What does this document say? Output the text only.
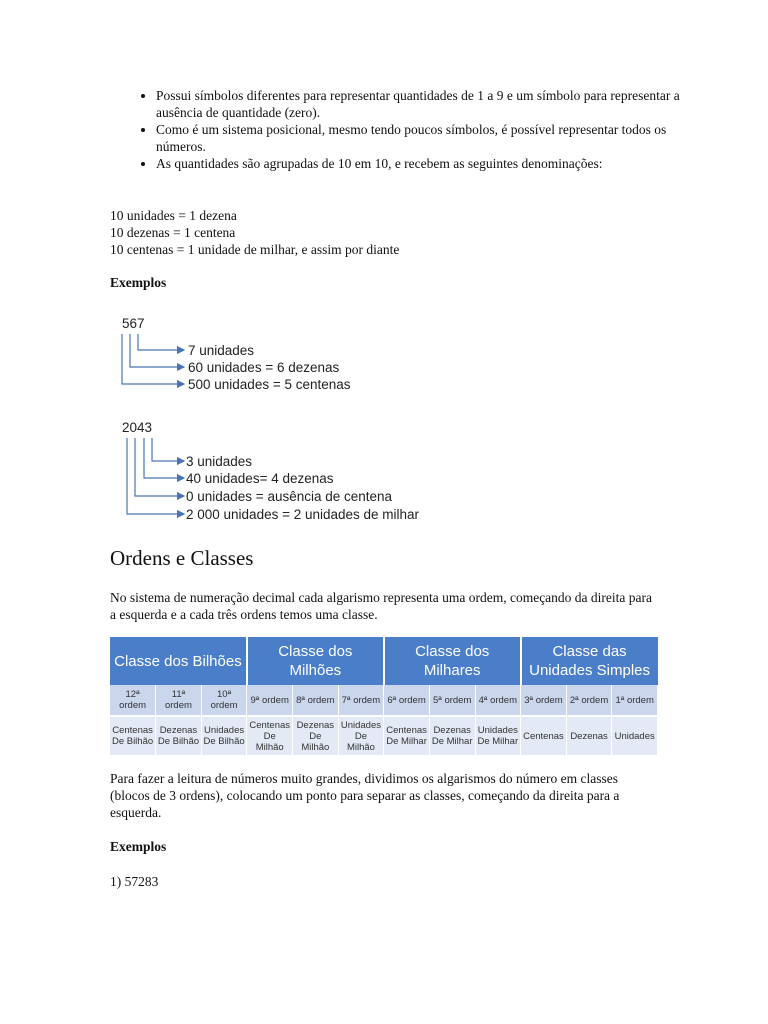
• Possui símbolos diferentes para representar quantidades de 1 a 9 e um símbolo para representar a ausência de quantidade (zero).
• Como é um sistema posicional, mesmo tendo poucos símbolos, é possível representar todos os números.
• As quantidades são agrupadas de 10 em 10, e recebem as seguintes denominações:
10 unidades = 1 dezena
10 dezenas = 1 centena
10 centenas = 1 unidade de milhar, e assim por diante
Exemplos
567
7 unidades
60 unidades = 6 dezenas
500 unidades = 5 centenas
2043
3 unidades
40 unidades= 4 dezenas
0 unidades = ausência de centena
2 000 unidades = 2 unidades de milhar
Ordens e Classes
No sistema de numeração decimal cada algarismo representa uma ordem, começando da direita para a esquerda e a cada três ordens temos uma classe.
Classe dos Bilhões			Classe dos Milhões			Classe dos Milhares			Classe das Unidades Simples		
12ª ordem	11ª ordem	10ª ordem	9ª ordem	8ª ordem	7ª ordem	6ª ordem	5ª ordem	4ª ordem	3ª ordem	2ª ordem	1ª ordem
Centenas De Bilhão	Dezenas De Bilhão	Unidades De Bilhão	Centenas De Milhão	Dezenas De Milhão	Unidades De Milhão	Centenas De Milhar	Dezenas De Milhar	Unidades De Milhar	Centenas	Dezenas	Unidades
Para fazer a leitura de números muito grandes, dividimos os algarismos do número em classes (blocos de 3 ordens), colocando um ponto para separar as classes, começando da direita para a esquerda.
Exemplos
1) 57283
